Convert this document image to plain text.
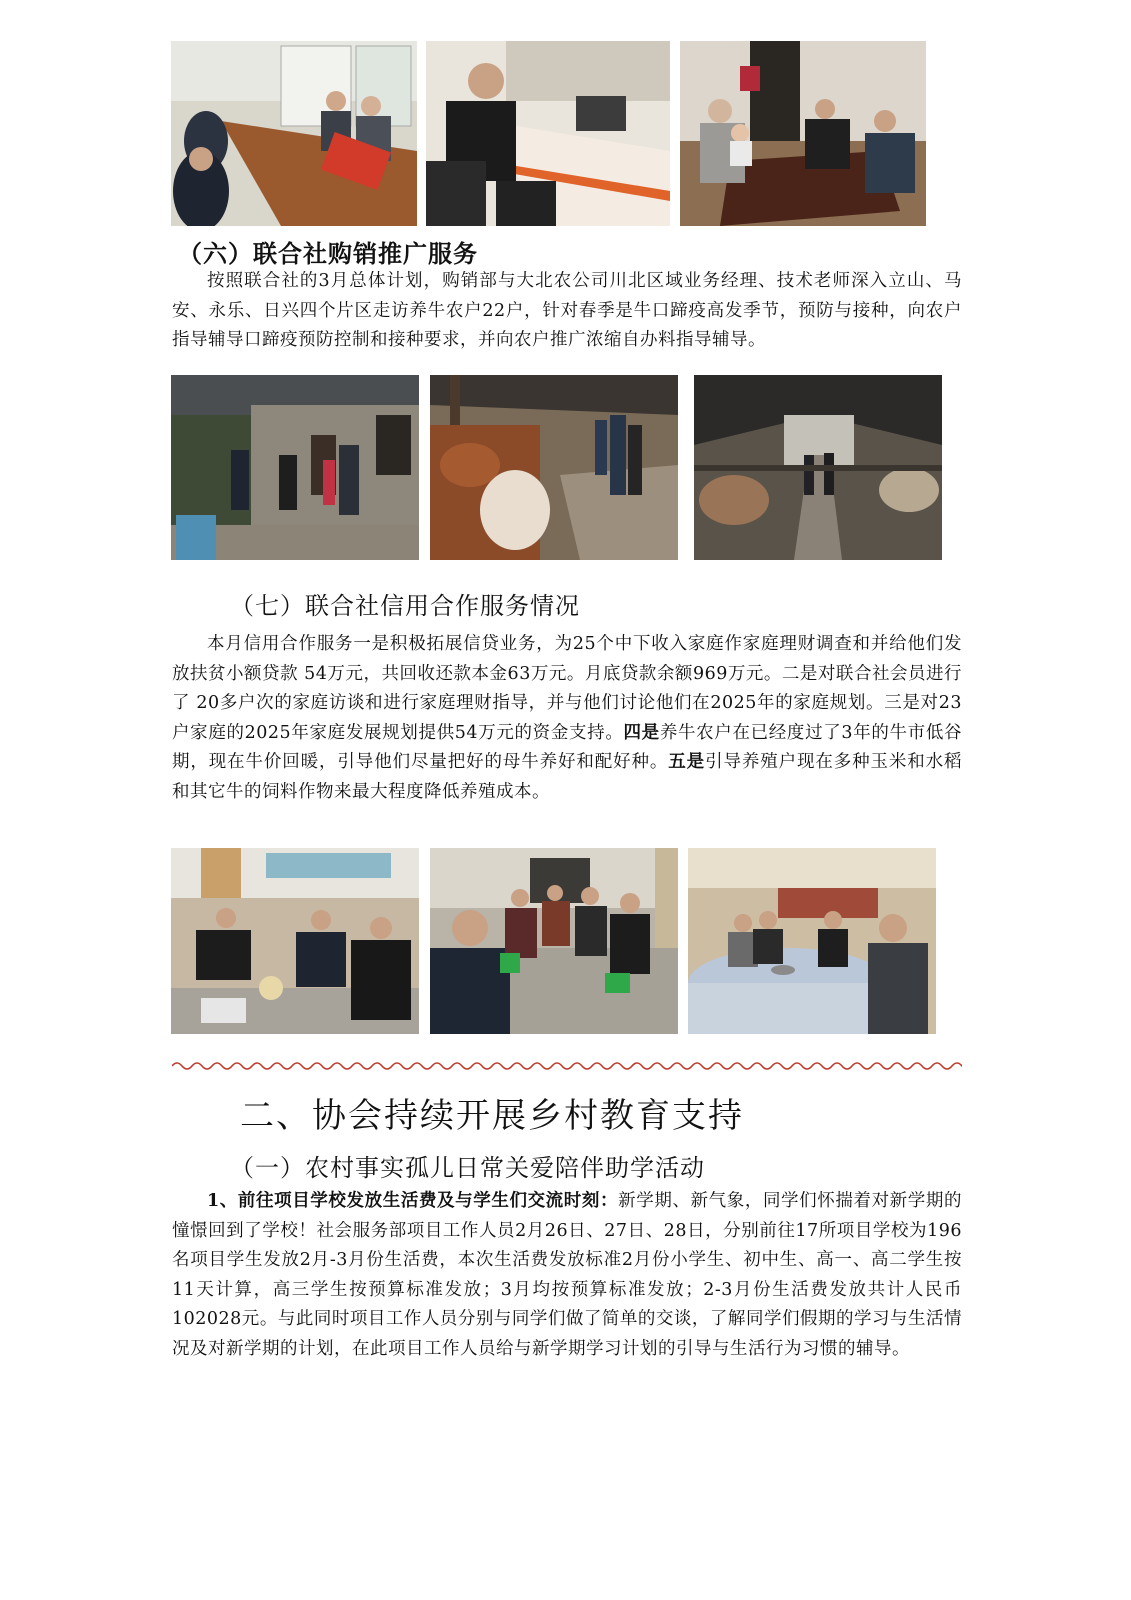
（六）联合社购销推广服务

按照联合社的3月总体计划，购销部与大北农公司川北区域业务经理、技术老师深入立山、马安、永乐、日兴四个片区走访养牛农户22户，针对春季是牛口蹄疫高发季节，预防与接种，向农户指导辅导口蹄疫预防控制和接种要求，并向农户推广浓缩自办料指导辅导。

（七）联合社信用合作服务情况

本月信用合作服务一是积极拓展信贷业务，为25个中下收入家庭作家庭理财调查和并给他们发放扶贫小额贷款 54万元，共回收还款本金63万元。月底贷款余额969万元。二是对联合社会员进行了 20多户次的家庭访谈和进行家庭理财指导，并与他们讨论他们在2025年的家庭规划。三是对23户家庭的2025年家庭发展规划提供54万元的资金支持。四是养牛农户在已经度过了3年的牛市低谷期，现在牛价回暖，引导他们尽量把好的母牛养好和配好种。五是引导养殖户现在多种玉米和水稻和其它牛的饲料作物来最大程度降低养殖成本。

二、协会持续开展乡村教育支持
（一）农村事实孤儿日常关爱陪伴助学活动

1、前往项目学校发放生活费及与学生们交流时刻：新学期、新气象，同学们怀揣着对新学期的憧憬回到了学校！社会服务部项目工作人员2月26日、27日、28日，分别前往17所项目学校为196名项目学生发放2月-3月份生活费，本次生活费发放标准2月份小学生、初中生、高一、高二学生按11天计算，高三学生按预算标准发放；3月均按预算标准发放；2-3月份生活费发放共计人民币102028元。与此同时项目工作人员分别与同学们做了简单的交谈，了解同学们假期的学习与生活情况及对新学期的计划，在此项目工作人员给与新学期学习计划的引导与生活行为习惯的辅导。
